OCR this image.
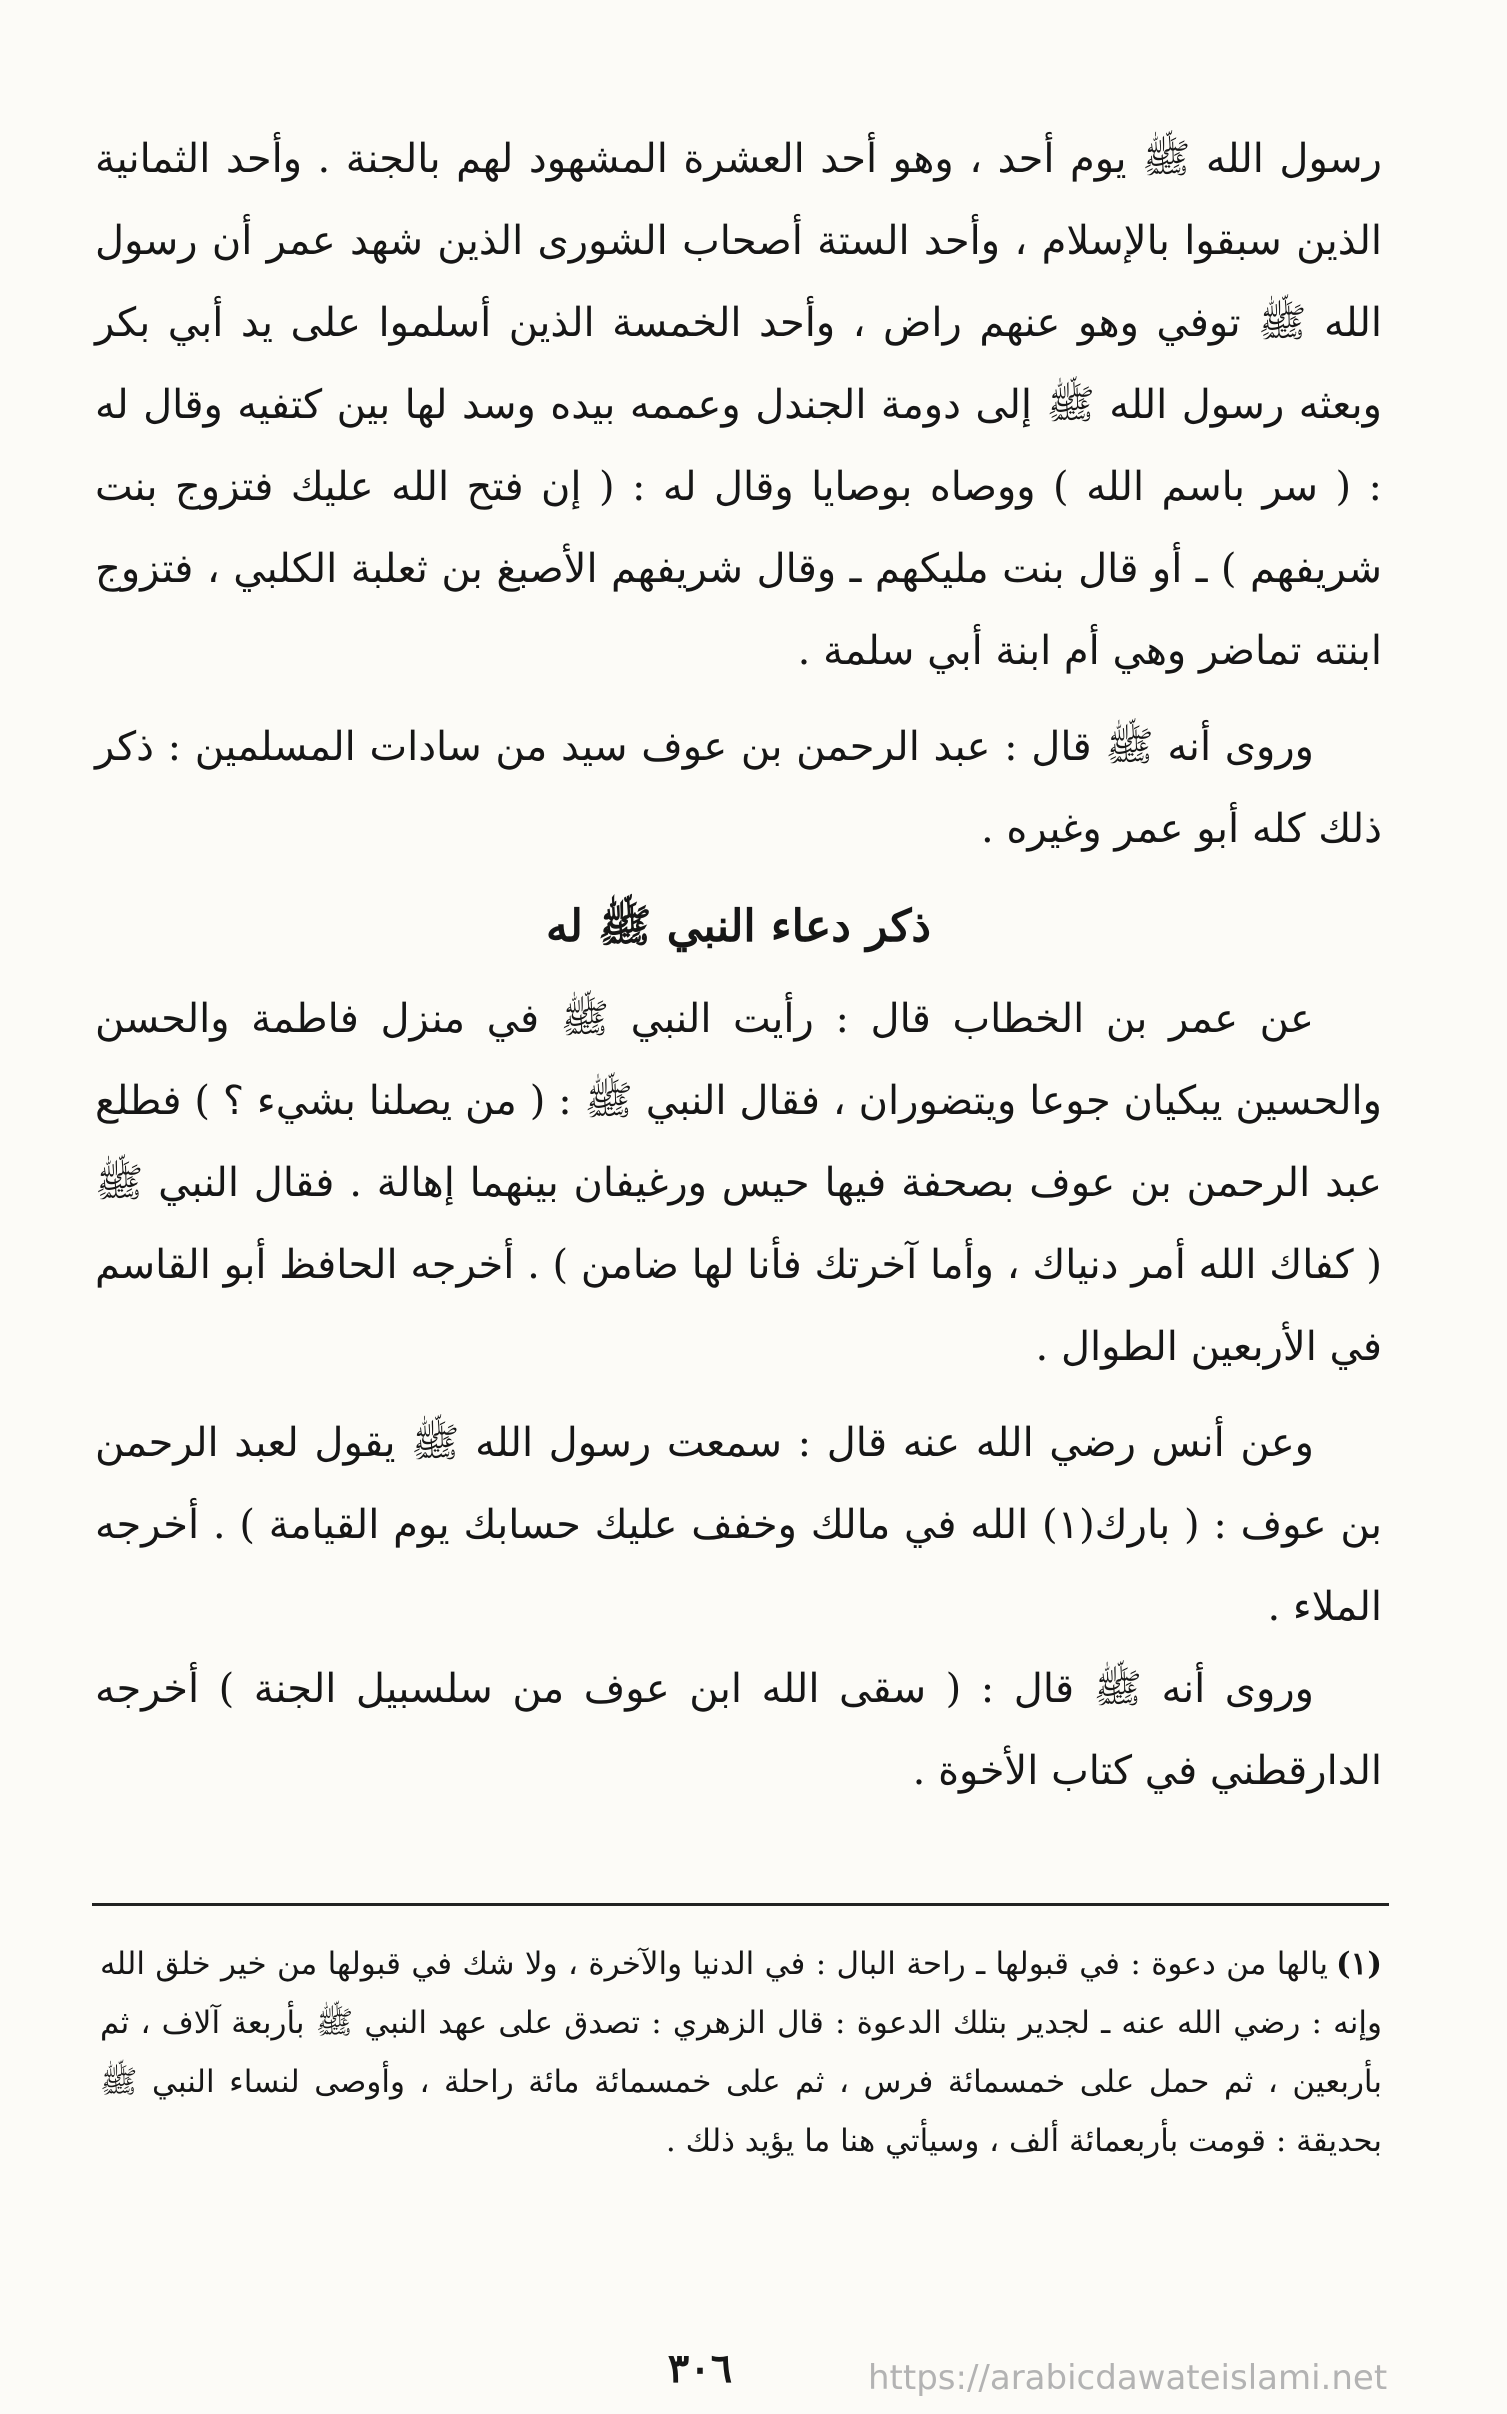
رسول الله ﷺ يوم أحد ، وهو أحد العشرة المشهود لهم بالجنة . وأحد الثمانية الذين سبقوا بالإسلام ، وأحد الستة أصحاب الشورى الذين شهد عمر أن رسول الله ﷺ توفي وهو عنهم راض ، وأحد الخمسة الذين أسلموا على يد أبي بكر وبعثه رسول الله ﷺ إلى دومة الجندل وعممه بيده وسد لها بين كتفيه وقال له : ( سر باسم الله ) ووصاه بوصايا وقال له : ( إن فتح الله عليك فتزوج بنت شريفهم ) ـ أو قال بنت مليكهم ـ وقال شريفهم الأصبغ بن ثعلبة الكلبي ، فتزوج ابنته تماضر وهي أم ابنة أبي سلمة .

وروى أنه ﷺ قال : عبد الرحمن بن عوف سيد من سادات المسلمين : ذكر ذلك كله أبو عمر وغيره .

ذكر دعاء النبي ﷺ له

عن عمر بن الخطاب قال : رأيت النبي ﷺ في منزل فاطمة والحسن والحسين يبكيان جوعا ويتضوران ، فقال النبي ﷺ : ( من يصلنا بشيء ؟ ) فطلع عبد الرحمن بن عوف بصحفة فيها حيس ورغيفان بينهما إهالة . فقال النبي ﷺ ( كفاك الله أمر دنياك ، وأما آخرتك فأنا لها ضامن ) . أخرجه الحافظ أبو القاسم في الأربعين الطوال .

وعن أنس رضي الله عنه قال : سمعت رسول الله ﷺ يقول لعبد الرحمن بن عوف : ( بارك(١) الله في مالك وخفف عليك حسابك يوم القيامة ) . أخرجه الملاء .

وروى أنه ﷺ قال : ( سقى الله ابن عوف من سلسبيل الجنة ) أخرجه الدارقطني في كتاب الأخوة .

(١)يالها من دعوة : في قبولها ـ راحة البال : في الدنيا والآخرة ، ولا شك في قبولها من خير خلق الله وإنه : رضي الله عنه ـ لجدير بتلك الدعوة : قال الزهري : تصدق على عهد النبي ﷺ بأربعة آلاف ، ثم بأربعين ، ثم حمل على خمسمائة فرس ، ثم على خمسمائة مائة راحلة ، وأوصى لنساء النبي ﷺ بحديقة : قومت بأربعمائة ألف ، وسيأتي هنا ما يؤيد ذلك .

٣٠٦	https://arabicdawateislami.net
